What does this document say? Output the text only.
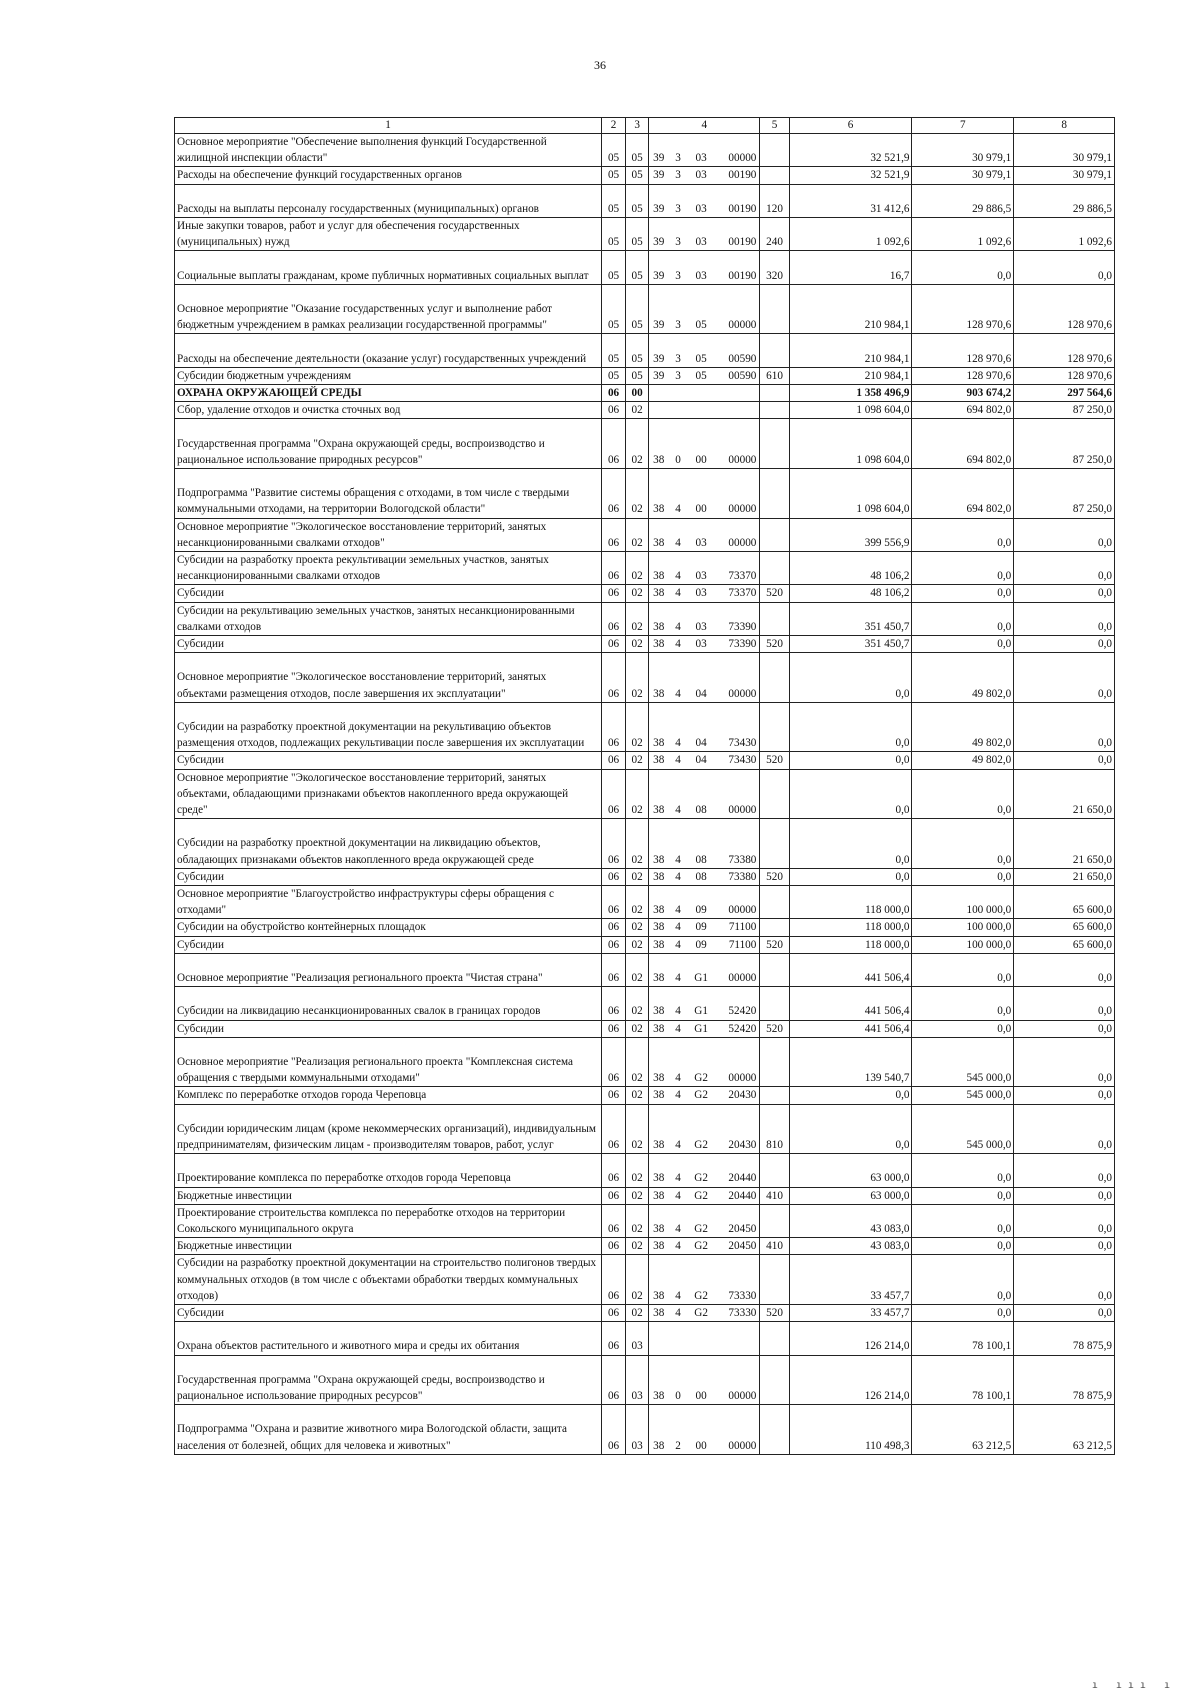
36
1	2	3	4				5	6	7	8
Основное мероприятие "Обеспечение выполнения функций Государственной жилищной инспекции области"	05	05	39	3	03	00000		32 521,9	30 979,1	30 979,1
Расходы на обеспечение функций государственных органов	05	05	39	3	03	00190		32 521,9	30 979,1	30 979,1
Расходы на выплаты персоналу государственных (муниципальных) органов	05	05	39	3	03	00190	120	31 412,6	29 886,5	29 886,5
Иные закупки товаров, работ и услуг для обеспечения государственных (муниципальных) нужд	05	05	39	3	03	00190	240	1 092,6	1 092,6	1 092,6
Социальные выплаты гражданам, кроме публичных нормативных социальных выплат	05	05	39	3	03	00190	320	16,7	0,0	0,0
Основное мероприятие "Оказание государственных услуг и выполнение работ бюджетным учреждением в рамках реализации государственной программы"	05	05	39	3	05	00000		210 984,1	128 970,6	128 970,6
Расходы на обеспечение деятельности (оказание услуг) государственных учреждений	05	05	39	3	05	00590		210 984,1	128 970,6	128 970,6
Субсидии бюджетным учреждениям	05	05	39	3	05	00590	610	210 984,1	128 970,6	128 970,6
ОХРАНА ОКРУЖАЮЩЕЙ СРЕДЫ	06	00						1 358 496,9	903 674,2	297 564,6
Сбор, удаление отходов и очистка сточных вод	06	02						1 098 604,0	694 802,0	87 250,0
Государственная программа "Охрана окружающей среды, воспроизводство и рациональное использование природных ресурсов"	06	02	38	0	00	00000		1 098 604,0	694 802,0	87 250,0
Подпрограмма "Развитие системы обращения с отходами, в том числе с твердыми коммунальными отходами, на территории Вологодской области"	06	02	38	4	00	00000		1 098 604,0	694 802,0	87 250,0
Основное мероприятие "Экологическое восстановление территорий, занятых несанкционированными свалками отходов"	06	02	38	4	03	00000		399 556,9	0,0	0,0
Субсидии на разработку проекта рекультивации земельных участков, занятых несанкционированными свалками отходов	06	02	38	4	03	73370		48 106,2	0,0	0,0
Субсидии	06	02	38	4	03	73370	520	48 106,2	0,0	0,0
Субсидии на рекультивацию земельных участков, занятых несанкционированными свалками отходов	06	02	38	4	03	73390		351 450,7	0,0	0,0
Субсидии	06	02	38	4	03	73390	520	351 450,7	0,0	0,0
Основное мероприятие "Экологическое восстановление территорий, занятых объектами размещения отходов, после завершения их эксплуатации"	06	02	38	4	04	00000		0,0	49 802,0	0,0
Субсидии на разработку проектной документации на рекультивацию объектов размещения отходов, подлежащих рекультивации после завершения их эксплуатации	06	02	38	4	04	73430		0,0	49 802,0	0,0
Субсидии	06	02	38	4	04	73430	520	0,0	49 802,0	0,0
Основное мероприятие "Экологическое восстановление территорий, занятых объектами, обладающими признаками объектов накопленного вреда окружающей среде"	06	02	38	4	08	00000		0,0	0,0	21 650,0
Субсидии на разработку проектной документации на ликвидацию объектов, обладающих признаками объектов накопленного вреда окружающей среде	06	02	38	4	08	73380		0,0	0,0	21 650,0
Субсидии	06	02	38	4	08	73380	520	0,0	0,0	21 650,0
Основное мероприятие "Благоустройство инфраструктуры сферы обращения с отходами"	06	02	38	4	09	00000		118 000,0	100 000,0	65 600,0
Субсидии на обустройство контейнерных площадок	06	02	38	4	09	71100		118 000,0	100 000,0	65 600,0
Субсидии	06	02	38	4	09	71100	520	118 000,0	100 000,0	65 600,0
Основное мероприятие "Реализация регионального проекта "Чистая страна"	06	02	38	4	G1	00000		441 506,4	0,0	0,0
Субсидии на ликвидацию несанкционированных свалок в границах городов	06	02	38	4	G1	52420		441 506,4	0,0	0,0
Субсидии	06	02	38	4	G1	52420	520	441 506,4	0,0	0,0
Основное мероприятие "Реализация регионального проекта "Комплексная система обращения с твердыми коммунальными отходами"	06	02	38	4	G2	00000		139 540,7	545 000,0	0,0
Комплекс по переработке отходов города Череповца	06	02	38	4	G2	20430		0,0	545 000,0	0,0
Субсидии юридическим лицам (кроме некоммерческих организаций), индивидуальным предпринимателям, физическим лицам - производителям товаров, работ, услуг	06	02	38	4	G2	20430	810	0,0	545 000,0	0,0
Проектирование комплекса по переработке отходов города Череповца	06	02	38	4	G2	20440		63 000,0	0,0	0,0
Бюджетные инвестиции	06	02	38	4	G2	20440	410	63 000,0	0,0	0,0
Проектирование строительства комплекса по переработке отходов на территории Сокольского муниципального округа	06	02	38	4	G2	20450		43 083,0	0,0	0,0
Бюджетные инвестиции	06	02	38	4	G2	20450	410	43 083,0	0,0	0,0
Субсидии на разработку проектной документации на строительство полигонов твердых коммунальных отходов (в том числе с объектами обработки твердых коммунальных отходов)	06	02	38	4	G2	73330		33 457,7	0,0	0,0
Субсидии	06	02	38	4	G2	73330	520	33 457,7	0,0	0,0
Охрана объектов растительного и животного мира и среды их обитания	06	03						126 214,0	78 100,1	78 875,9
Государственная программа "Охрана окружающей среды, воспроизводство и рациональное использование природных ресурсов"	06	03	38	0	00	00000		126 214,0	78 100,1	78 875,9
Подпрограмма "Охрана и развитие животного мира Вологодской области, защита населения от болезней, общих для человека и животных"	06	03	38	2	00	00000		110 498,3	63 212,5	63 212,5
ı ııı ı
